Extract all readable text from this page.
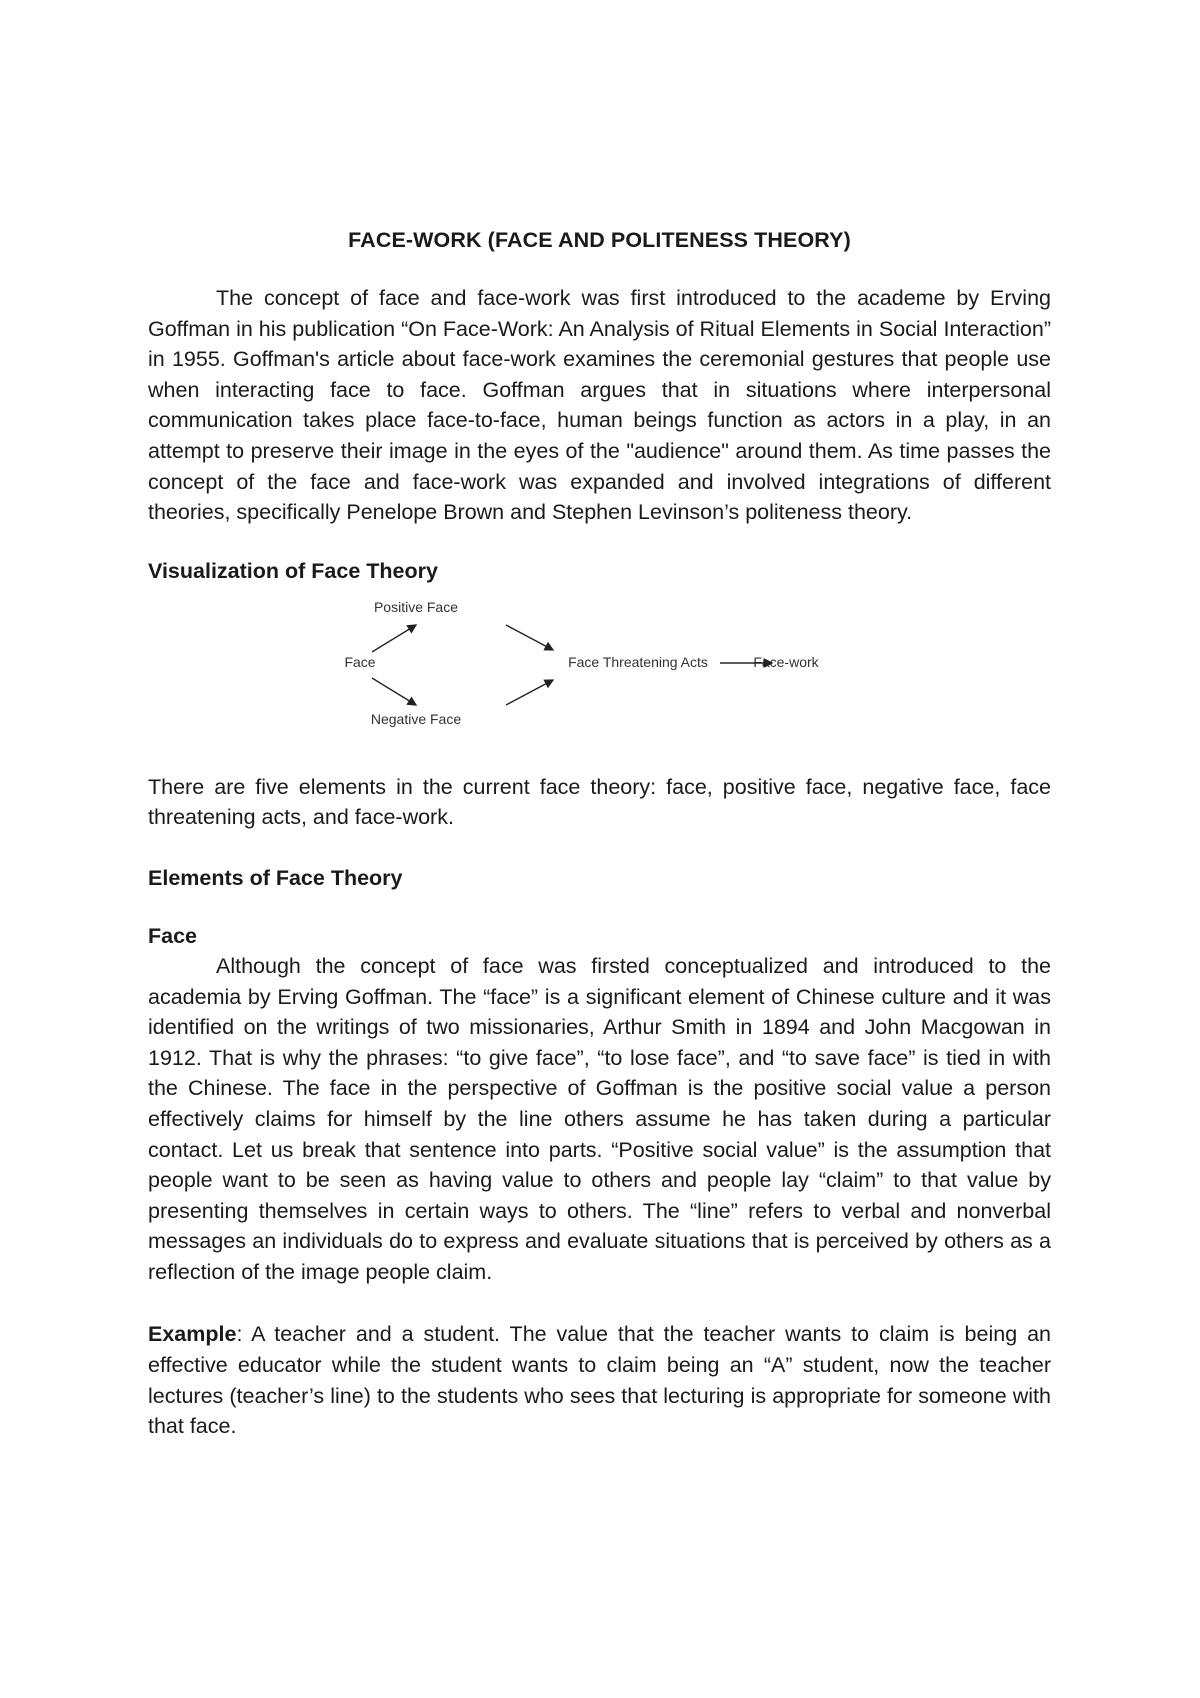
FACE-WORK (FACE AND POLITENESS THEORY)

The concept of face and face-work was first introduced to the academe by Erving Goffman in his publication “On Face-Work: An Analysis of Ritual Elements in Social Interaction” in 1955. Goffman's article about face-work examines the ceremonial gestures that people use when interacting face to face. Goffman argues that in situations where interpersonal communication takes place face-to-face, human beings function as actors in a play, in an attempt to preserve their image in the eyes of the "audience" around them. As time passes the concept of the face and face-work was expanded and involved integrations of different theories, specifically Penelope Brown and Stephen Levinson’s politeness theory.

Visualization of Face Theory
Positive Face
Face
Negative Face
Face Threatening Acts	Face-work

There are five elements in the current face theory: face, positive face, negative face, face threatening acts, and face-work.

Elements of Face Theory
Face

Although the concept of face was firsted conceptualized and introduced to the academia by Erving Goffman. The “face” is a significant element of Chinese culture and it was identified on the writings of two missionaries, Arthur Smith in 1894 and John Macgowan in 1912. That is why the phrases: “to give face”, “to lose face”, and “to save face” is tied in with the Chinese. The face in the perspective of Goffman is the positive social value a person effectively claims for himself by the line others assume he has taken during a particular contact. Let us break that sentence into parts. “Positive social value” is the assumption that people want to be seen as having value to others and people lay “claim” to that value by presenting themselves in certain ways to others. The “line” refers to verbal and nonverbal messages an individuals do to express and evaluate situations that is perceived by others as a reflection of the image people claim.

Example: A teacher and a student. The value that the teacher wants to claim is being an effective educator while the student wants to claim being an “A” student, now the teacher lectures (teacher’s line) to the students who sees that lecturing is appropriate for someone with that face.
